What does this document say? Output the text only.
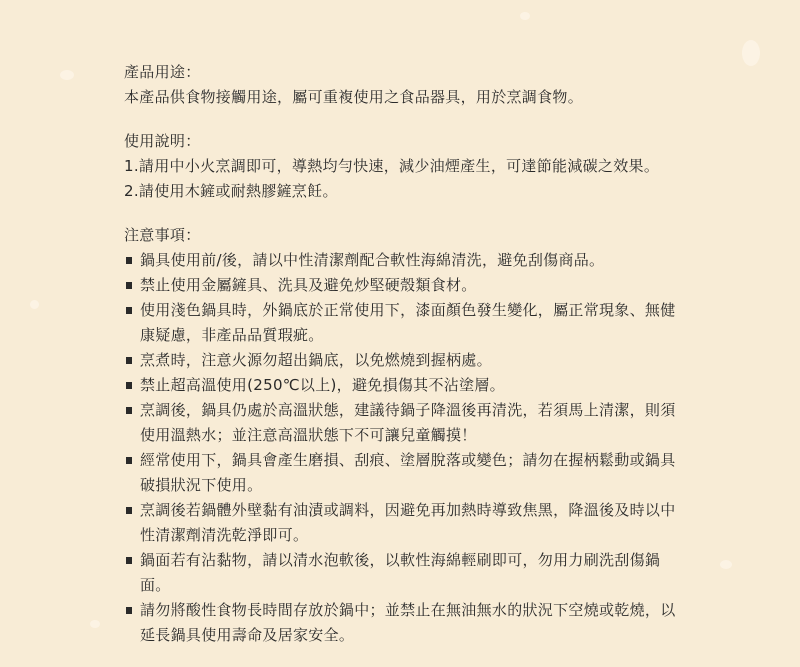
產品用途：

本產品供食物接觸用途，屬可重複使用之食品器具，用於烹調食物。

使用說明：

1. 請用中小火烹調即可，導熱均勻快速，減少油煙產生，可達節能減碳之效果。
2. 請使用木鏟或耐熱膠鏟烹飪。

注意事項：

鍋具使用前/後，請以中性清潔劑配合軟性海綿清洗，避免刮傷商品。
禁止使用金屬鏟具、洗具及避免炒堅硬殼類食材。
使用淺色鍋具時，外鍋底於正常使用下，漆面顏色發生變化，屬正常現象、無健康疑慮，非產品品質瑕疵。
烹煮時，注意火源勿超出鍋底，以免燃燒到握柄處。
禁止超高溫使用(250℃以上)，避免損傷其不沾塗層。
烹調後，鍋具仍處於高溫狀態，建議待鍋子降溫後再清洗，若須馬上清潔，則須使用溫熱水；並注意高溫狀態下不可讓兒童觸摸！
經常使用下，鍋具會產生磨損、刮痕、塗層脫落或變色；請勿在握柄鬆動或鍋具破損狀況下使用。
烹調後若鍋體外壁黏有油漬或調料，因避免再加熱時導致焦黑，降溫後及時以中性清潔劑清洗乾淨即可。
鍋面若有沾黏物，請以清水泡軟後，以軟性海綿輕刷即可，勿用力刷洗刮傷鍋面。
請勿將酸性食物長時間存放於鍋中；並禁止在無油無水的狀況下空燒或乾燒，以延長鍋具使用壽命及居家安全。
